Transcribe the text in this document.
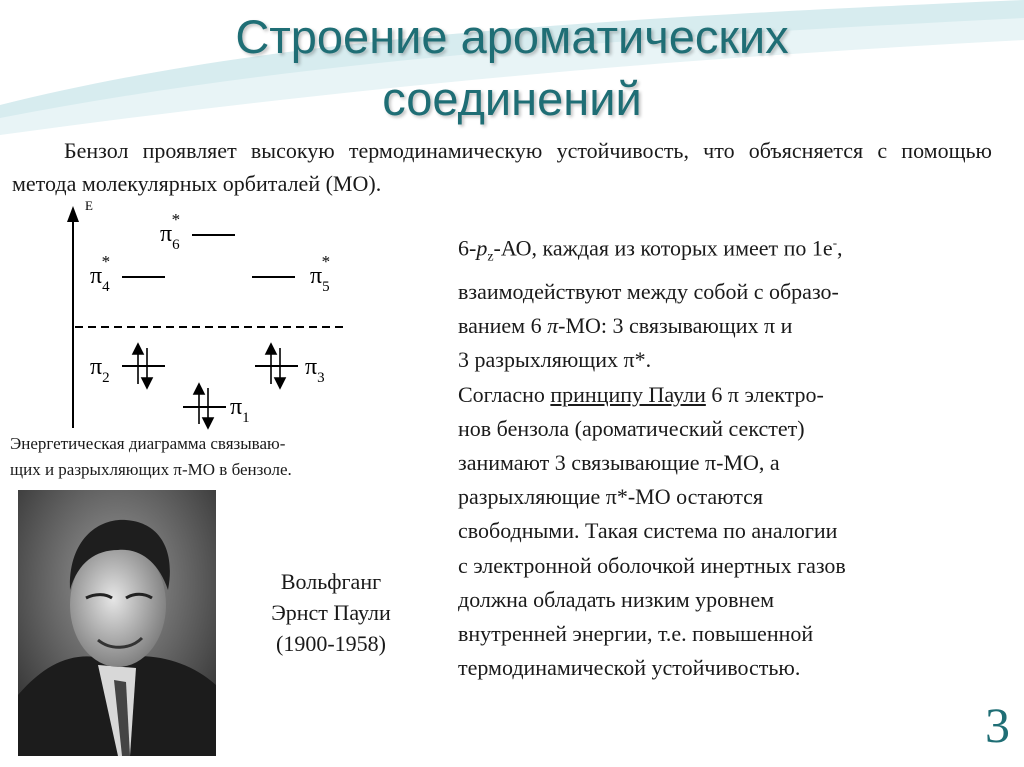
Строение ароматических
соединений
Бензол проявляет высокую термодинамическую устойчивость, что объясняется с помощью метода молекулярных орбиталей (МО).
E
$\pi_6*$
$\pi_4*$
$\pi_5*$
$\pi_2$	$\pi_3$
$\pi_1$
Энергетическая диаграмма связываю-
щих и разрыхляющих π-МО в бензоле.
Вольфганг
Эрнст Паули
(1900-1958)
$6-p_z-АО$, каждая из которых имеет по 1е-,
взаимодействуют между собой с образо-
ванием 6 π-МО: 3 связывающих π и
3 разрыхляющих π*.
Согласно принципу Паули 6 π электро-
нов бензола (ароматический секстет)
занимают 3 связывающие π-МО, а
разрыхляющие π*-МО остаются
свободными. Такая система по аналогии
с электронной оболочкой инертных газов
должна обладать низким уровнем
внутренней энергии, т.е. повышенной
термодинамической устойчивостью.
3
